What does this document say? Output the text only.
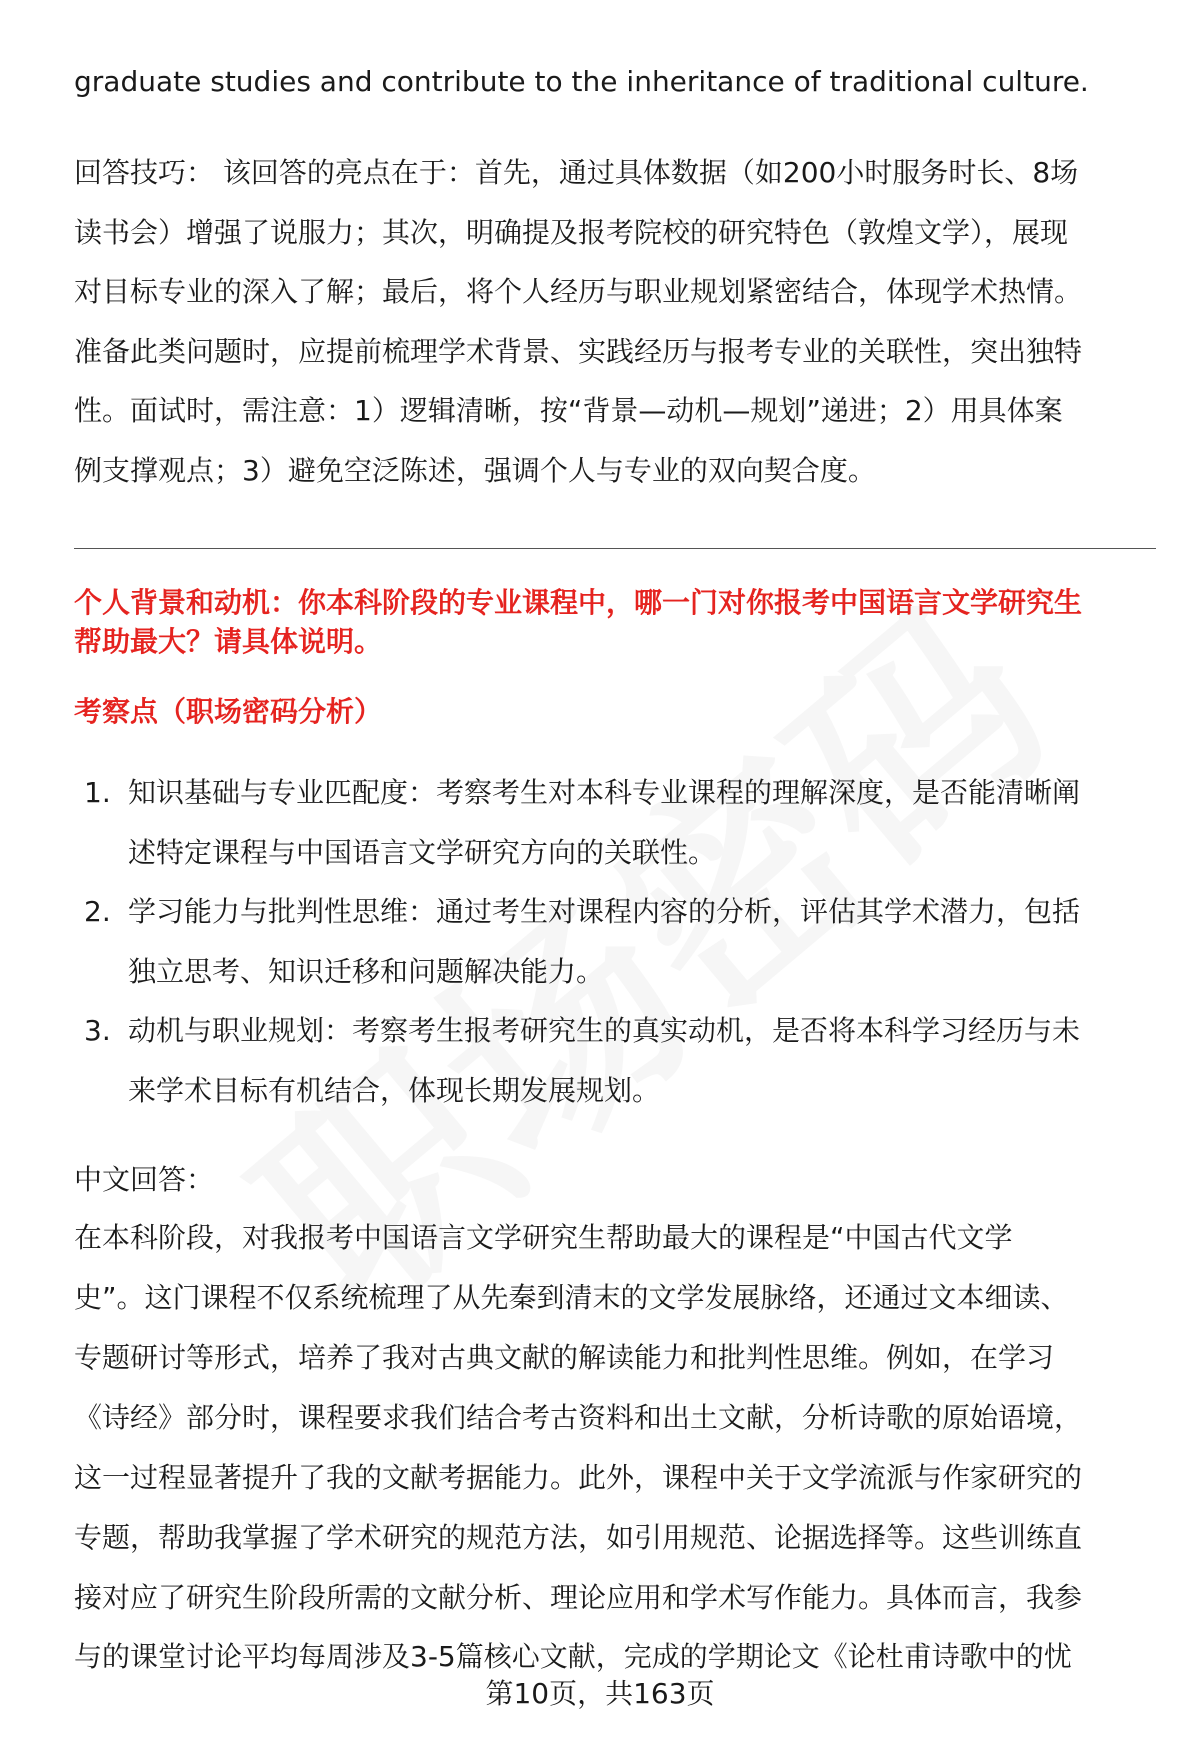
graduate studies and contribute to the inheritance of traditional culture.
回答技巧： 该回答的亮点在于：首先，通过具体数据（如200小时服务时长、8场
读书会）增强了说服力；其次，明确提及报考院校的研究特色（敦煌文学），展现
对目标专业的深入了解；最后，将个人经历与职业规划紧密结合，体现学术热情。
准备此类问题时，应提前梳理学术背景、实践经历与报考专业的关联性，突出独特
性。面试时，需注意：1）逻辑清晰，按“背景—动机—规划”递进；2）用具体案
例支撑观点；3）避免空泛陈述，强调个人与专业的双向契合度。
个人背景和动机：你本科阶段的专业课程中，哪一门对你报考中国语言文学研究生
帮助最大？请具体说明。
考察点（职场密码分析）
1. 知识基础与专业匹配度：考察考生对本科专业课程的理解深度，是否能清晰阐
述特定课程与中国语言文学研究方向的关联性。
2. 学习能力与批判性思维：通过考生对课程内容的分析，评估其学术潜力，包括
独立思考、知识迁移和问题解决能力。
3. 动机与职业规划：考察考生报考研究生的真实动机，是否将本科学习经历与未
来学术目标有机结合，体现长期发展规划。
中文回答：
在本科阶段，对我报考中国语言文学研究生帮助最大的课程是“中国古代文学
史”。这门课程不仅系统梳理了从先秦到清末的文学发展脉络，还通过文本细读、
专题研讨等形式，培养了我对古典文献的解读能力和批判性思维。例如，在学习
《诗经》部分时，课程要求我们结合考古资料和出土文献，分析诗歌的原始语境，
这一过程显著提升了我的文献考据能力。此外，课程中关于文学流派与作家研究的
专题，帮助我掌握了学术研究的规范方法，如引用规范、论据选择等。这些训练直
接对应了研究生阶段所需的文献分析、理论应用和学术写作能力。具体而言，我参
与的课堂讨论平均每周涉及3-5篇核心文献，完成的学期论文《论杜甫诗歌中的忧
第10页，共163页
